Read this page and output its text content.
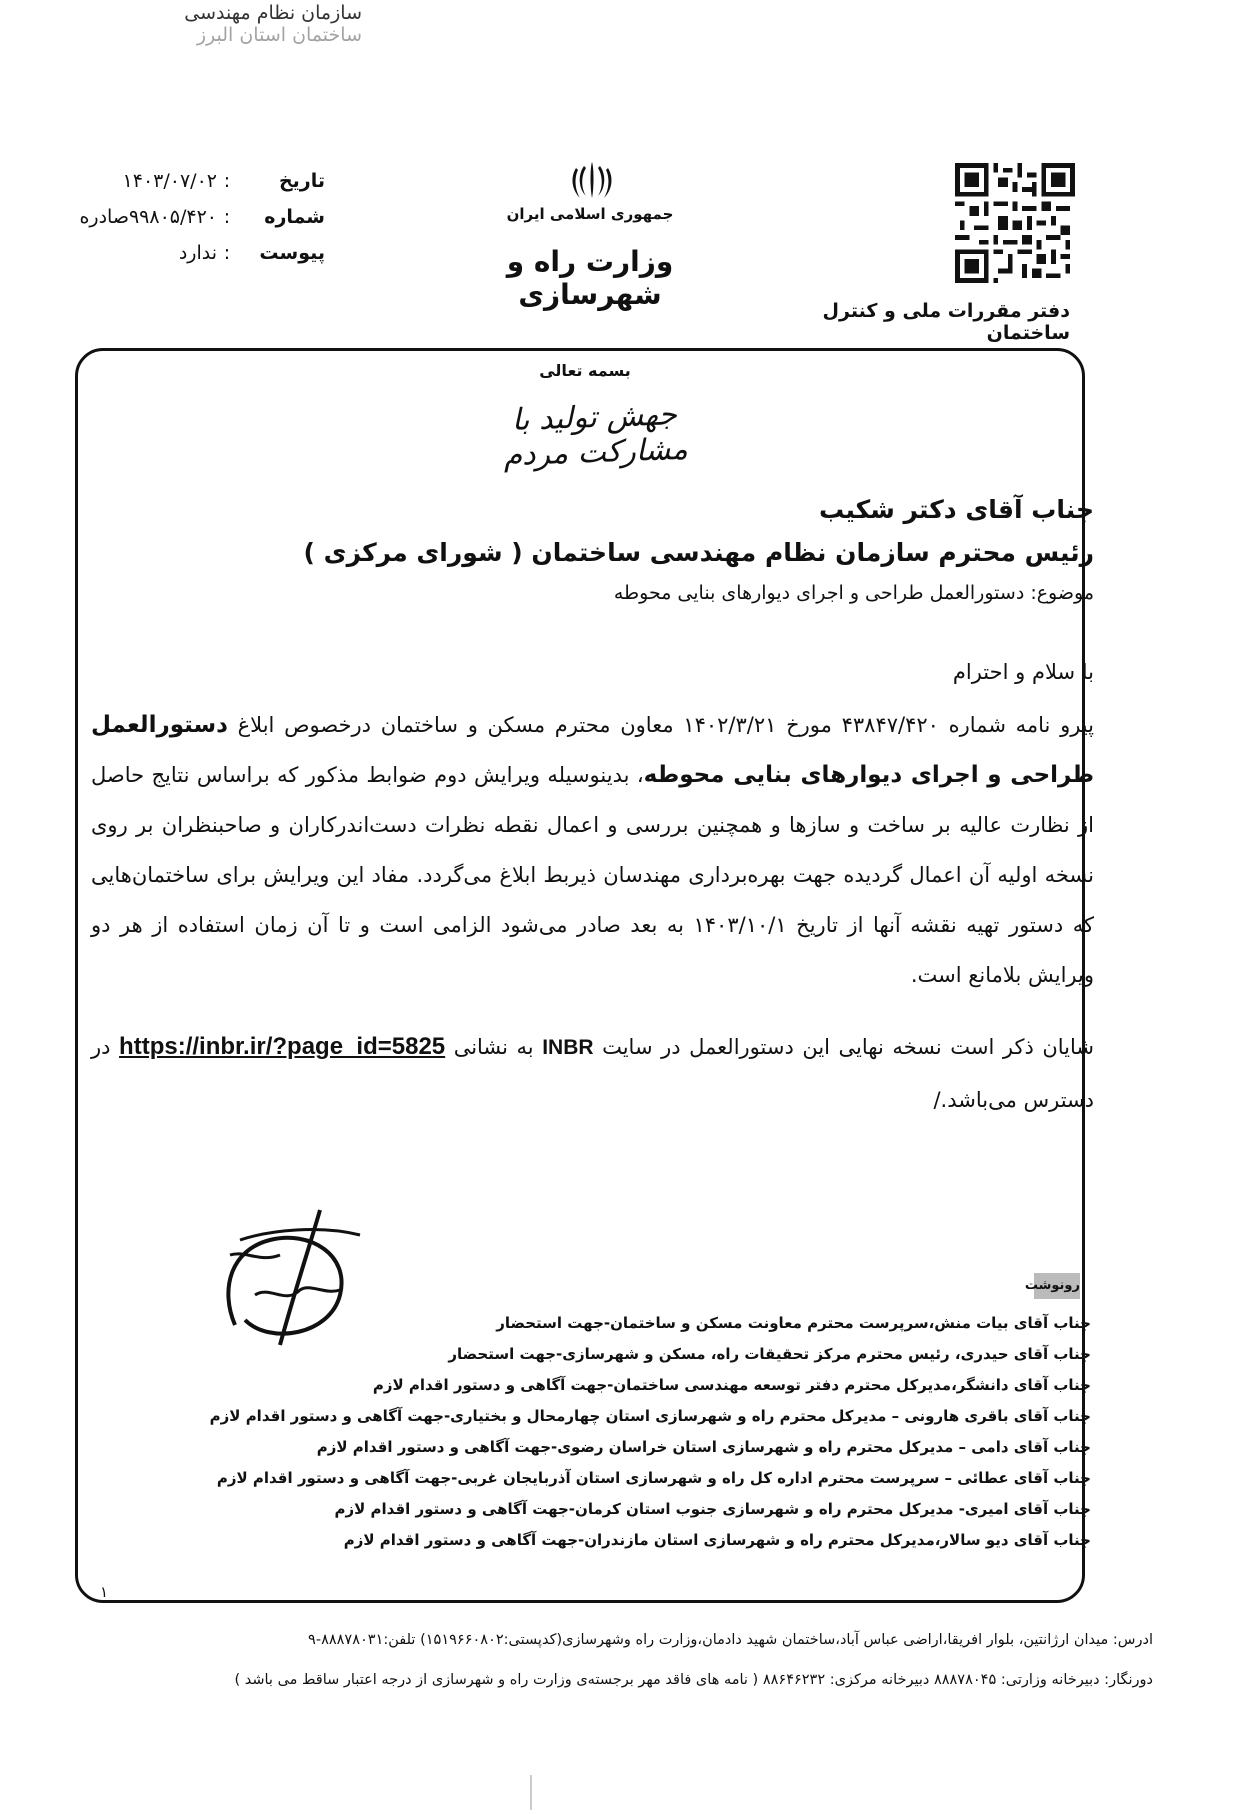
سازمان نظام مهندسی
ساختمان استان البرز
تاریخ
:
۱۴۰۳/۰۷/۰۲
شماره
:
۹۹۸۰۵/۴۲۰صادره
پیوست
:
ندارد
جمهوری اسلامی ایران
وزارت راه و شهرسازی	دفتر مقررات ملی و کنترل ساختمان
بسمه تعالی
جهش تولید با مشارکت مردم
جناب آقای دکتر شکیب
رئیس محترم سازمان نظام مهندسی ساختمان ( شورای مرکزی )
موضوع: دستورالعمل طراحی و اجرای دیوارهای بنایی محوطه
با سلام و احترام
پیرو نامه شماره ۴۳۸۴۷/۴۲۰ مورخ ۱۴۰۲/۳/۲۱ معاون محترم مسکن و ساختمان درخصوص ابلاغ دستورالعمل طراحی و اجرای دیوارهای بنایی محوطه، بدینوسیله ویرایش دوم ضوابط مذکور که براساس نتایج حاصل از نظارت عالیه بر ساخت و سازها و همچنین بررسی و اعمال نقطه نظرات دست‌اندرکاران و صاحبنظران بر روی نسخه اولیه آن اعمال گردیده جهت بهره‌برداری مهندسان ذیربط ابلاغ می‌گردد. مفاد این ویرایش برای ساختمان‌هایی که دستور تهیه نقشه آنها از تاریخ ۱۴۰۳/۱۰/۱ به بعد صادر می‌شود الزامی است و تا آن زمان استفاده از هر دو ویرایش بلامانع است.
شایان ذکر است نسخه نهایی این دستورالعمل در سایت INBR به نشانی https://inbr.ir/?page_id=5825 در دسترس می‌باشد./
رونوشت
جناب آقای بیات منش،سرپرست محترم معاونت مسکن و ساختمان-جهت استحضار
جناب آقای حیدری، رئیس محترم مرکز تحقیقات راه، مسکن و شهرسازی-جهت استحضار
جناب آقای دانشگر،مدیرکل محترم دفتر توسعه مهندسی ساختمان-جهت آگاهی و دستور اقدام لازم
جناب آقای باقری هارونی – مدیرکل محترم راه و شهرسازی استان چهارمحال و بختیاری-جهت آگاهی و دستور اقدام لازم
جناب آقای دامی – مدیرکل محترم راه و شهرسازی استان خراسان رضوی-جهت آگاهی و دستور اقدام لازم
جناب آقای عطائی – سرپرست محترم اداره کل راه و شهرسازی استان آذربایجان غربی-جهت آگاهی و دستور اقدام لازم
جناب آقای امیری- مدیرکل محترم راه و شهرسازی جنوب استان کرمان-جهت آگاهی و دستور اقدام لازم
جناب آقای دیو سالار،مدیرکل محترم راه و شهرسازی استان مازندران-جهت آگاهی و دستور اقدام لازم
۱
ادرس: میدان ارژانتین، بلوار افریقا،اراضی عباس آباد،ساختمان شهید دادمان،وزارت راه وشهرسازی(کدپستی:۱۵۱۹۶۶۰۸۰۲) تلفن:۸۸۸۷۸۰۳۱-۹
دورنگار: دبیرخانه وزارتی: ۸۸۸۷۸۰۴۵ دبیرخانه مرکزی: ۸۸۶۴۶۲۳۲ ( نامه های فاقد مهر برجسته‌ی وزارت راه و شهرسازی از درجه اعتبار ساقط می باشد )
